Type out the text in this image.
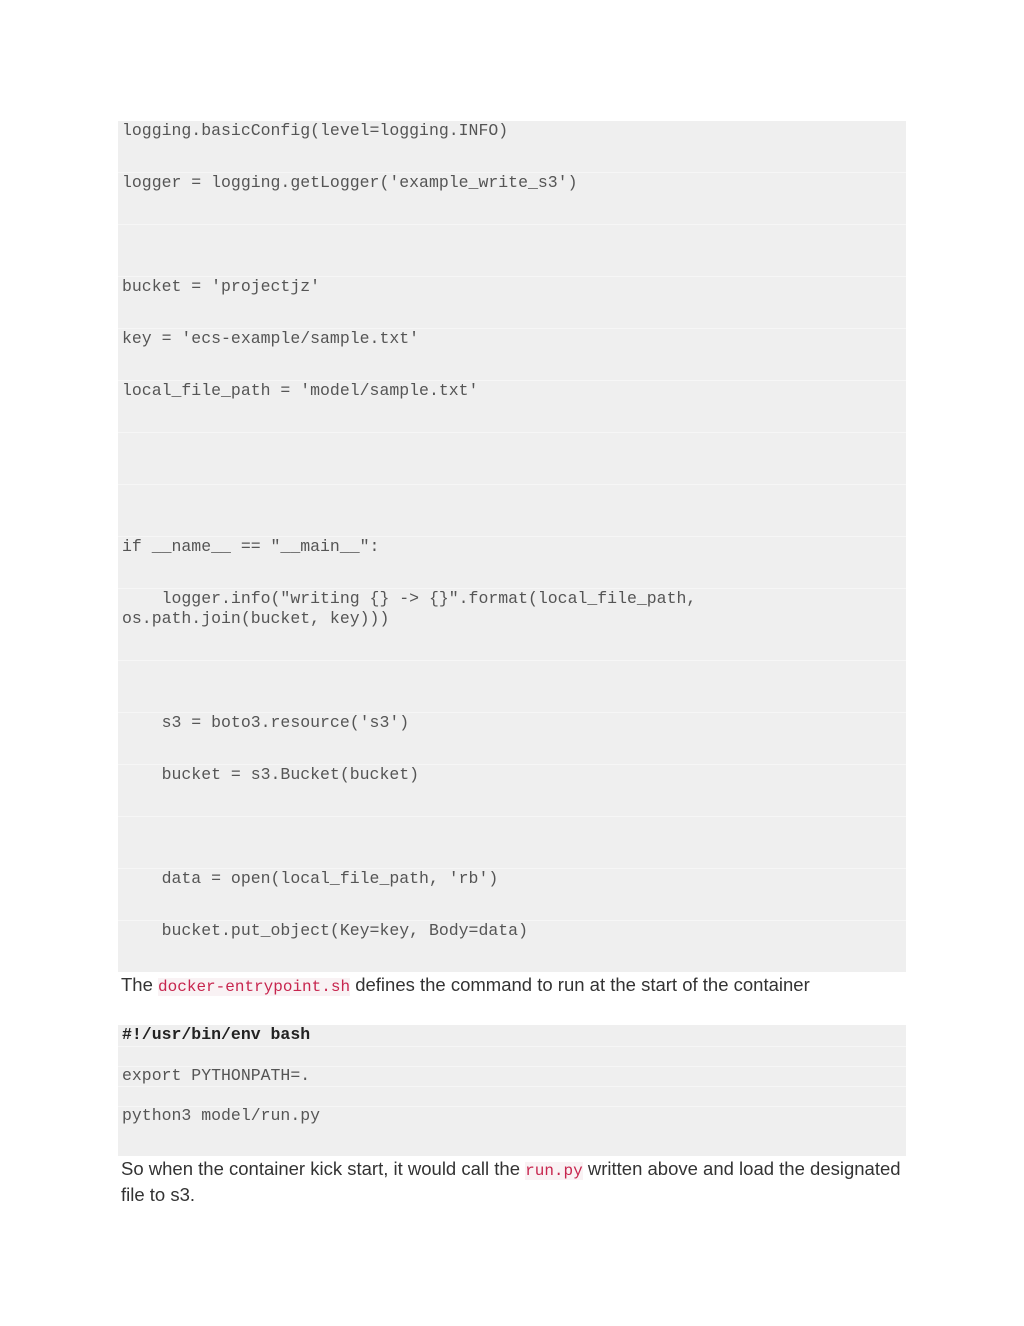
logging.basicConfig(level=logging.INFO)
logger = logging.getLogger('example_write_s3')
bucket = 'projectjz'
key = 'ecs-example/sample.txt'
local_file_path = 'model/sample.txt'
if __name__ == "__main__":
logger.info("writing {} -> {}".format(local_file_path,
os.path.join(bucket, key)))
s3 = boto3.resource('s3')
bucket = s3.Bucket(bucket)
data = open(local_file_path, 'rb')
bucket.put_object(Key=key, Body=data)

The docker-entrypoint.sh defines the command to run at the start of the container

#!/usr/bin/env bash
export PYTHONPATH=.
python3 model/run.py

So when the container kick start, it would call the run.py written above and load the designated file to s3.
